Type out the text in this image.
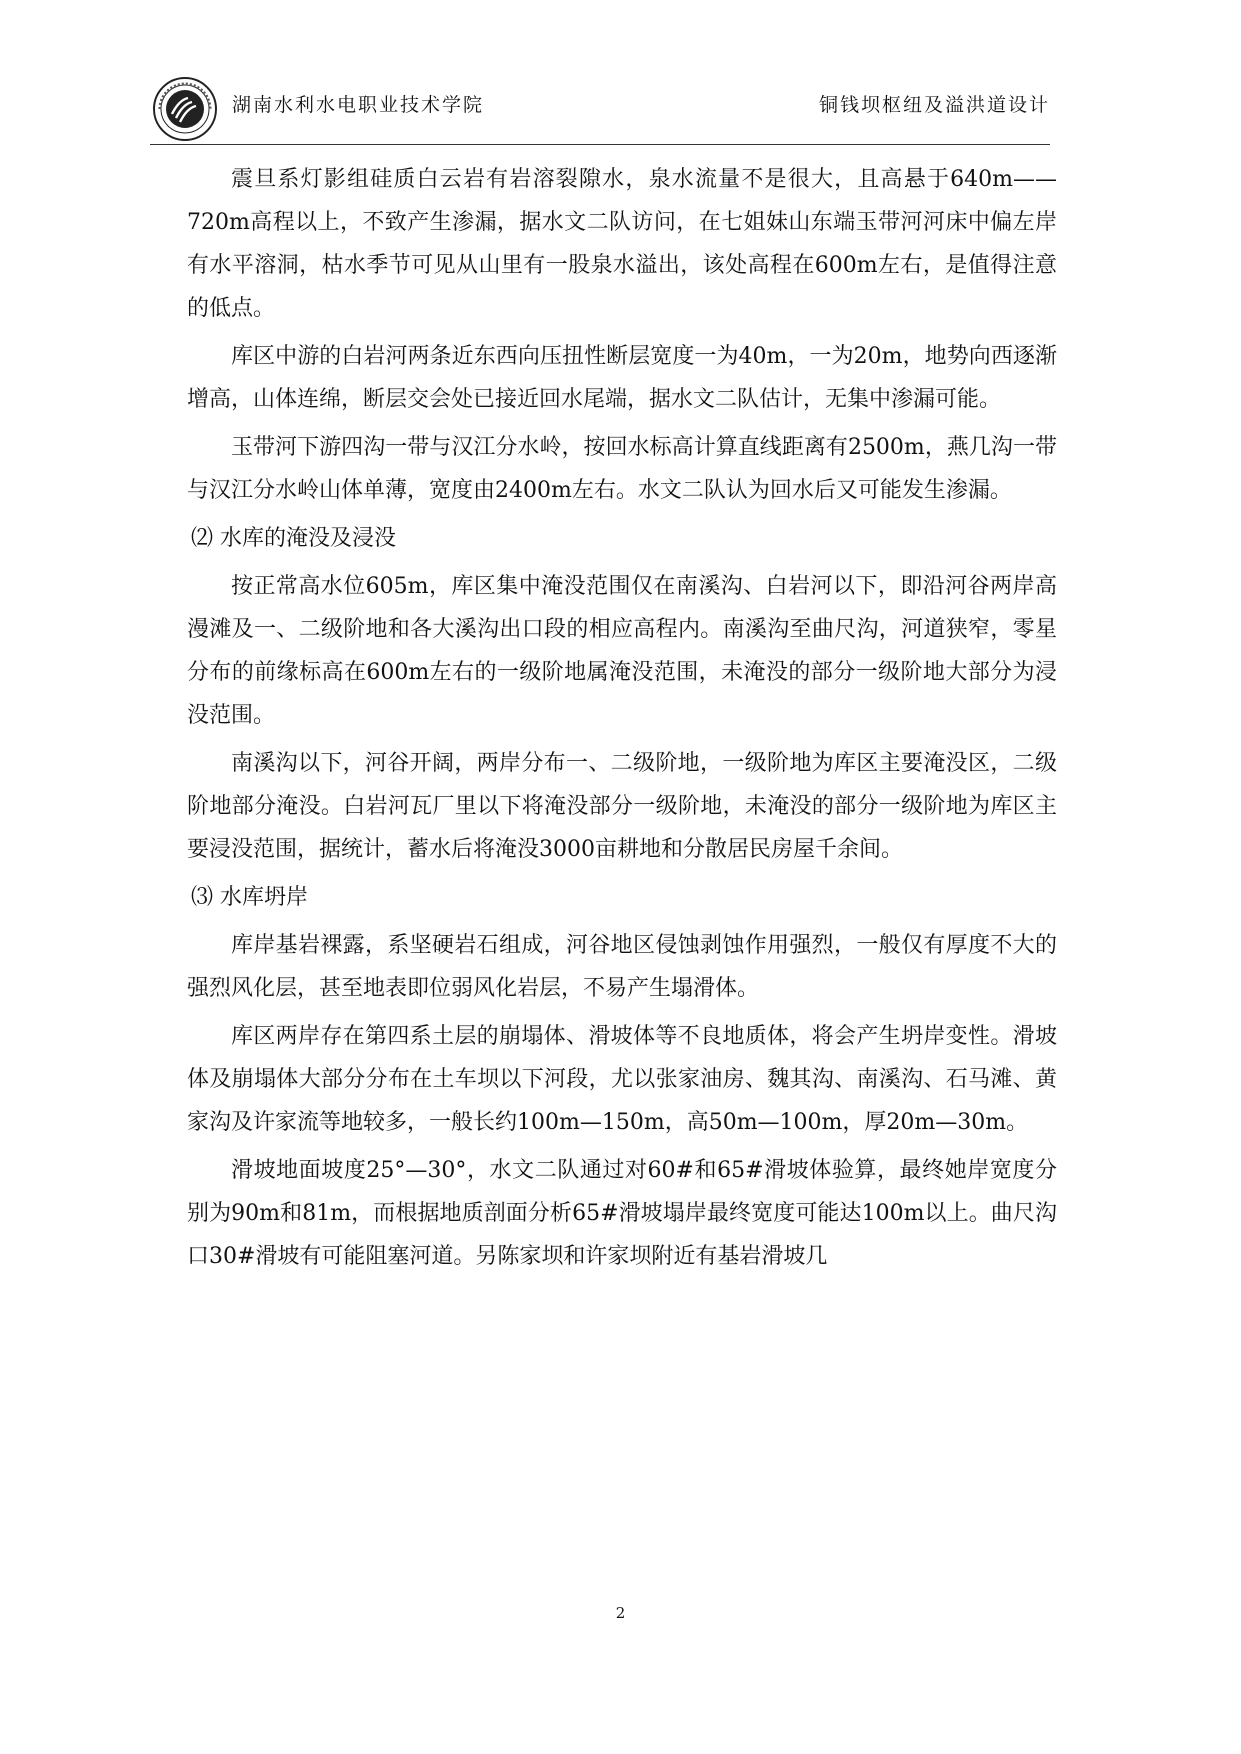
湖南水利水电职业技术学院	铜钱坝枢纽及溢洪道设计

震旦系灯影组硅质白云岩有岩溶裂隙水，泉水流量不是很大，且高悬于640m——720m高程以上，不致产生渗漏，据水文二队访问，在七姐妹山东端玉带河河床中偏左岸有水平溶洞，枯水季节可见从山里有一股泉水溢出，该处高程在600m左右，是值得注意的低点。

库区中游的白岩河两条近东西向压扭性断层宽度一为40m，一为20m，地势向西逐渐增高，山体连绵，断层交会处已接近回水尾端，据水文二队估计，无集中渗漏可能。

玉带河下游四沟一带与汉江分水岭，按回水标高计算直线距离有2500m，燕几沟一带与汉江分水岭山体单薄，宽度由2400m左右。水文二队认为回水后又可能发生渗漏。

⑵ 水库的淹没及浸没

按正常高水位605m，库区集中淹没范围仅在南溪沟、白岩河以下，即沿河谷两岸高漫滩及一、二级阶地和各大溪沟出口段的相应高程内。南溪沟至曲尺沟，河道狭窄，零星分布的前缘标高在600m左右的一级阶地属淹没范围，未淹没的部分一级阶地大部分为浸没范围。

南溪沟以下，河谷开阔，两岸分布一、二级阶地，一级阶地为库区主要淹没区，二级阶地部分淹没。白岩河瓦厂里以下将淹没部分一级阶地，未淹没的部分一级阶地为库区主要浸没范围，据统计，蓄水后将淹没3000亩耕地和分散居民房屋千余间。

⑶ 水库坍岸

库岸基岩裸露，系坚硬岩石组成，河谷地区侵蚀剥蚀作用强烈，一般仅有厚度不大的强烈风化层，甚至地表即位弱风化岩层，不易产生塌滑体。

库区两岸存在第四系土层的崩塌体、滑坡体等不良地质体，将会产生坍岸变性。滑坡体及崩塌体大部分分布在土车坝以下河段，尤以张家油房、魏其沟、南溪沟、石马滩、黄家沟及许家流等地较多，一般长约100m—150m，高50m—100m，厚20m—30m。

滑坡地面坡度25°—30°，水文二队通过对60#和65#滑坡体验算，最终她岸宽度分别为90m和81m，而根据地质剖面分析65#滑坡塌岸最终宽度可能达100m以上。曲尺沟口30#滑坡有可能阻塞河道。另陈家坝和许家坝附近有基岩滑坡几

2
